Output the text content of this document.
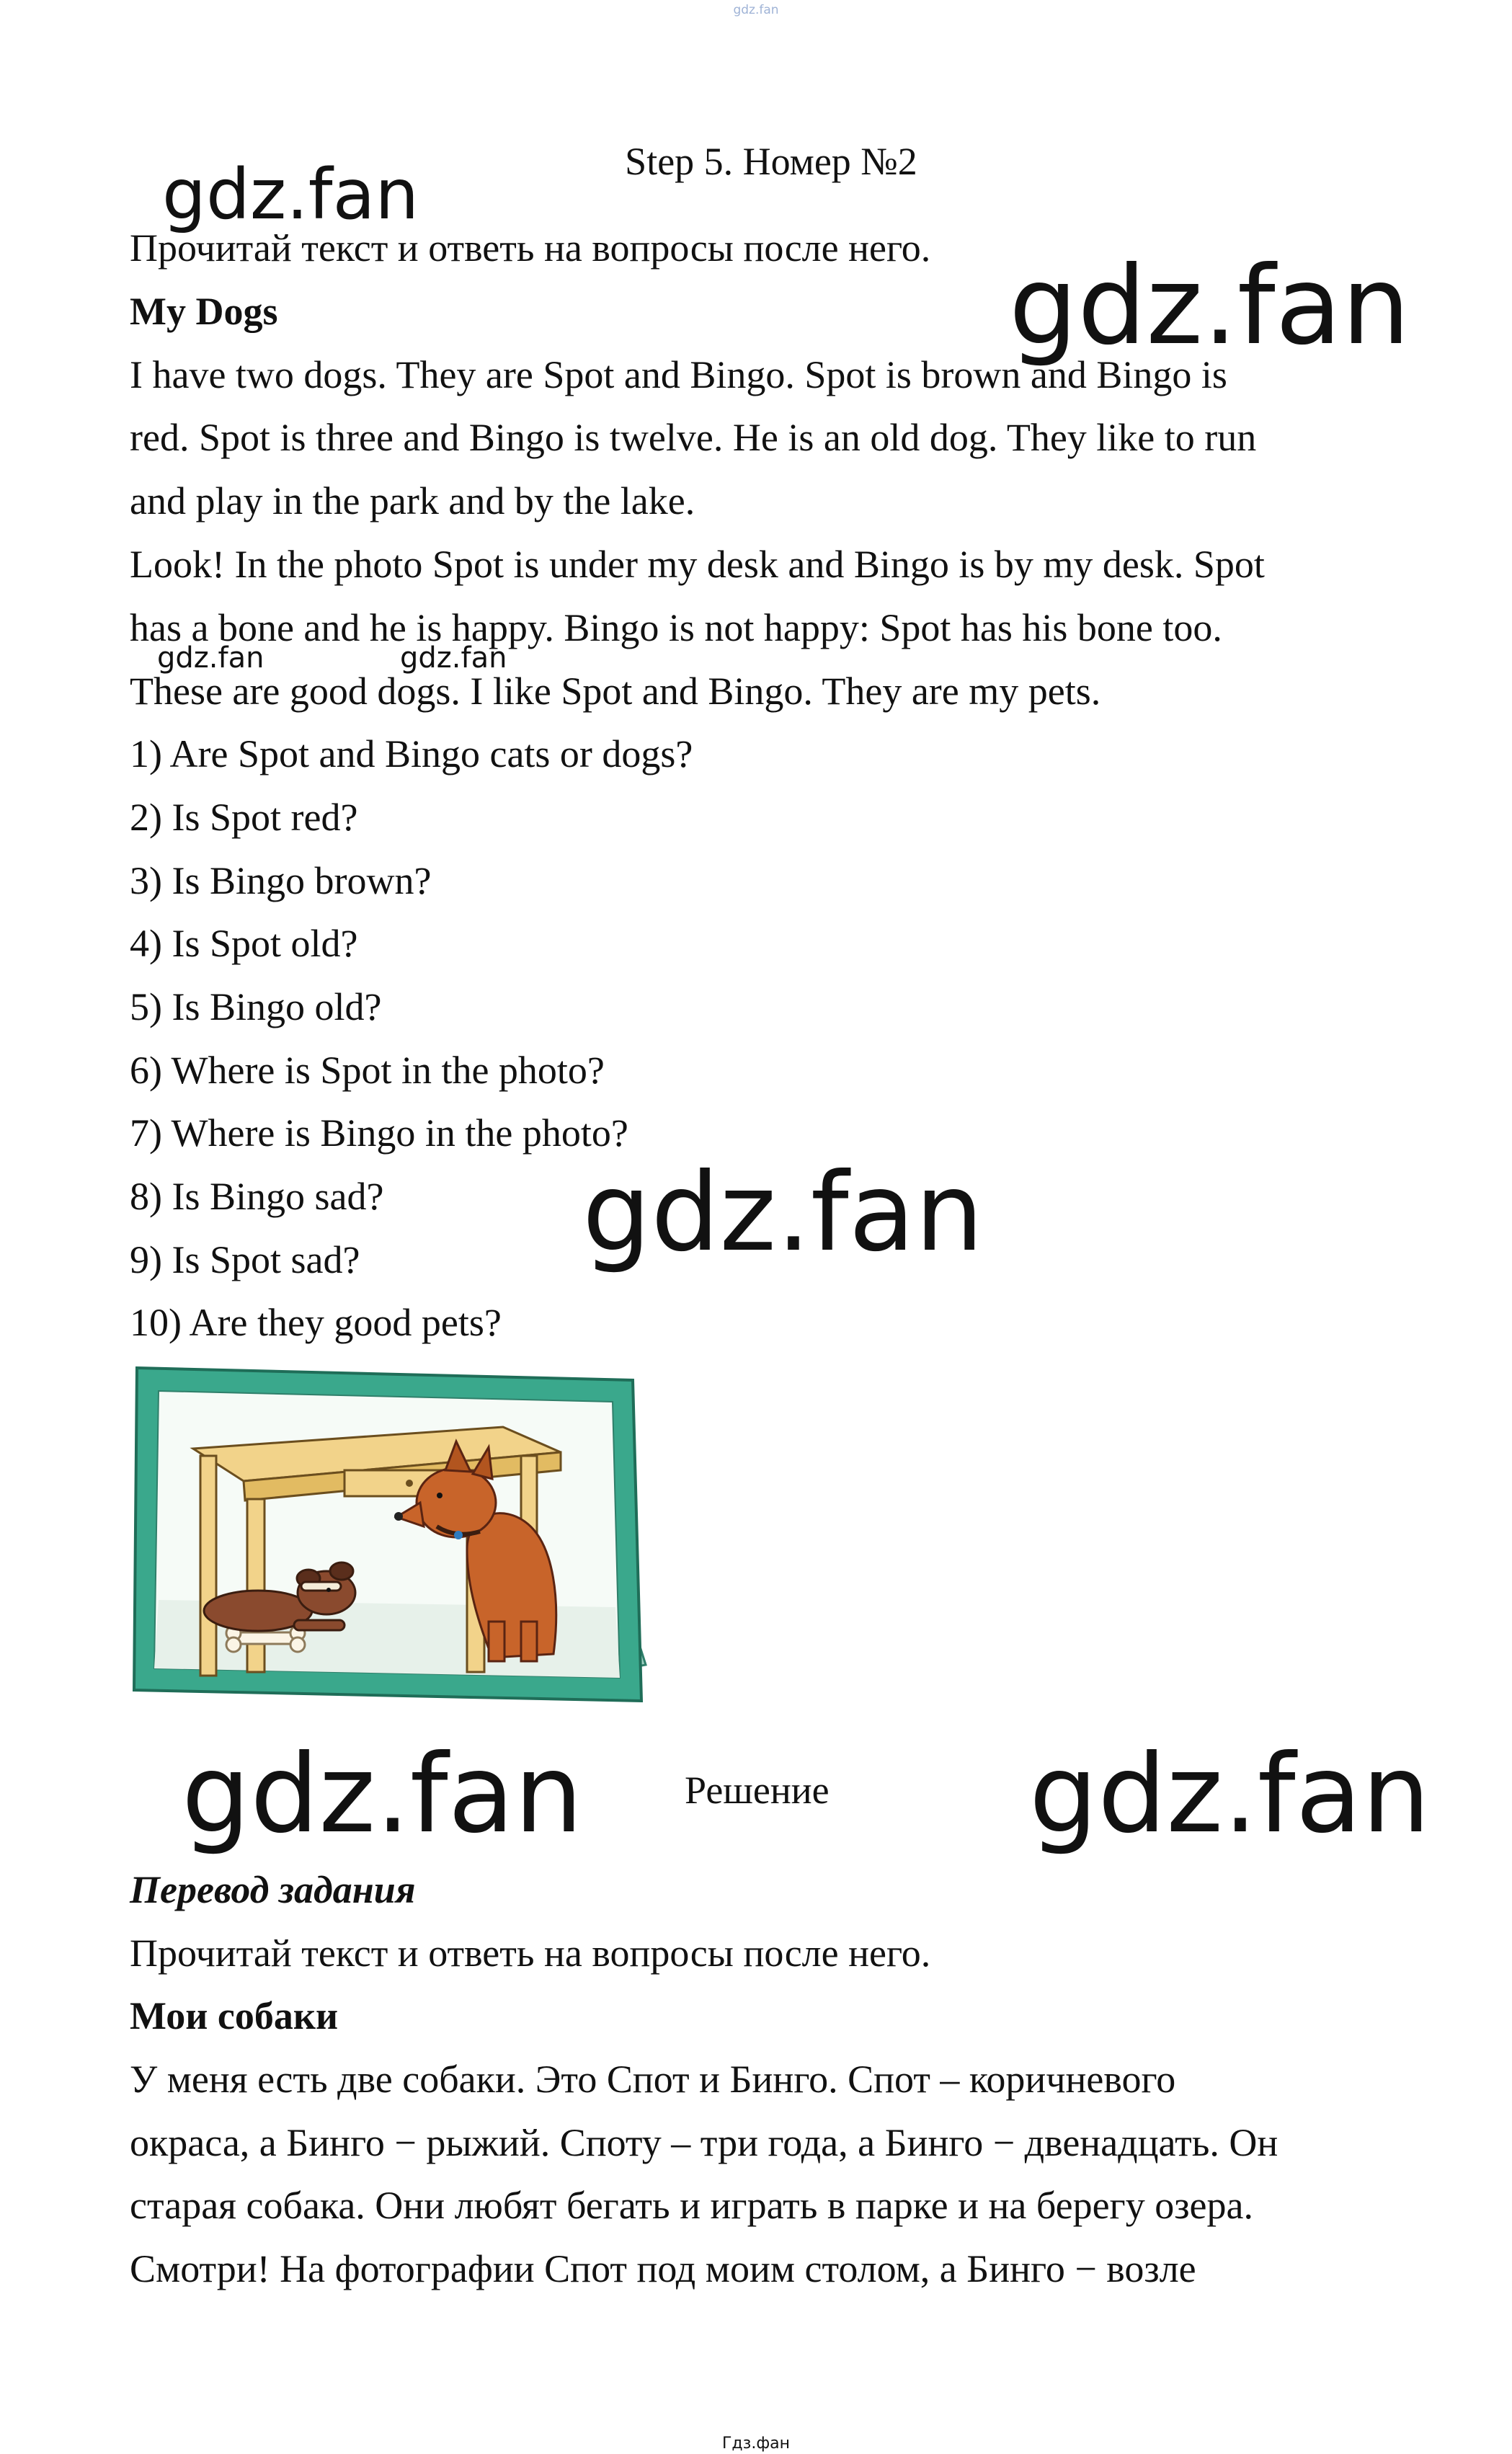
gdz.fan
Step 5. Номер №2
gdz.fan
gdz.fan
Прочитай текст и ответь на вопросы после него.
My Dogs
I have two dogs. They are Spot and Bingo. Spot is brown and Bingo is
red. Spot is three and Bingo is twelve. He is an old dog. They like to run
and play in the park and by the lake.
Look! In the photo Spot is under my desk and Bingo is by my desk. Spot
has a bone and he is happy. Bingo is not happy: Spot has his bone too.
These are good dogs. I like Spot and Bingo. They are my pets.
gdz.fan	gdz.fan
1) Are Spot and Bingo cats or dogs?
2) Is Spot red?
3) Is Bingo brown?
4) Is Spot old?
5) Is Bingo old?
6) Where is Spot in the photo?
7) Where is Bingo in the photo?
8) Is Bingo sad?
9) Is Spot sad?
10) Are they good pets?
gdz.fan
gdz.fan	Решение gdz.fan
Перевод задания
Прочитай текст и ответь на вопросы после него.
Мои собаки
У меня есть две собаки. Это Спот и Бинго. Спот – коричневого
окраса, а Бинго − рыжий. Споту – три года, а Бинго − двенадцать. Он
старая собака. Они любят бегать и играть в парке и на берегу озера.
Смотри! На фотографии Спот под моим столом, а Бинго − возле
Гдз.фан
